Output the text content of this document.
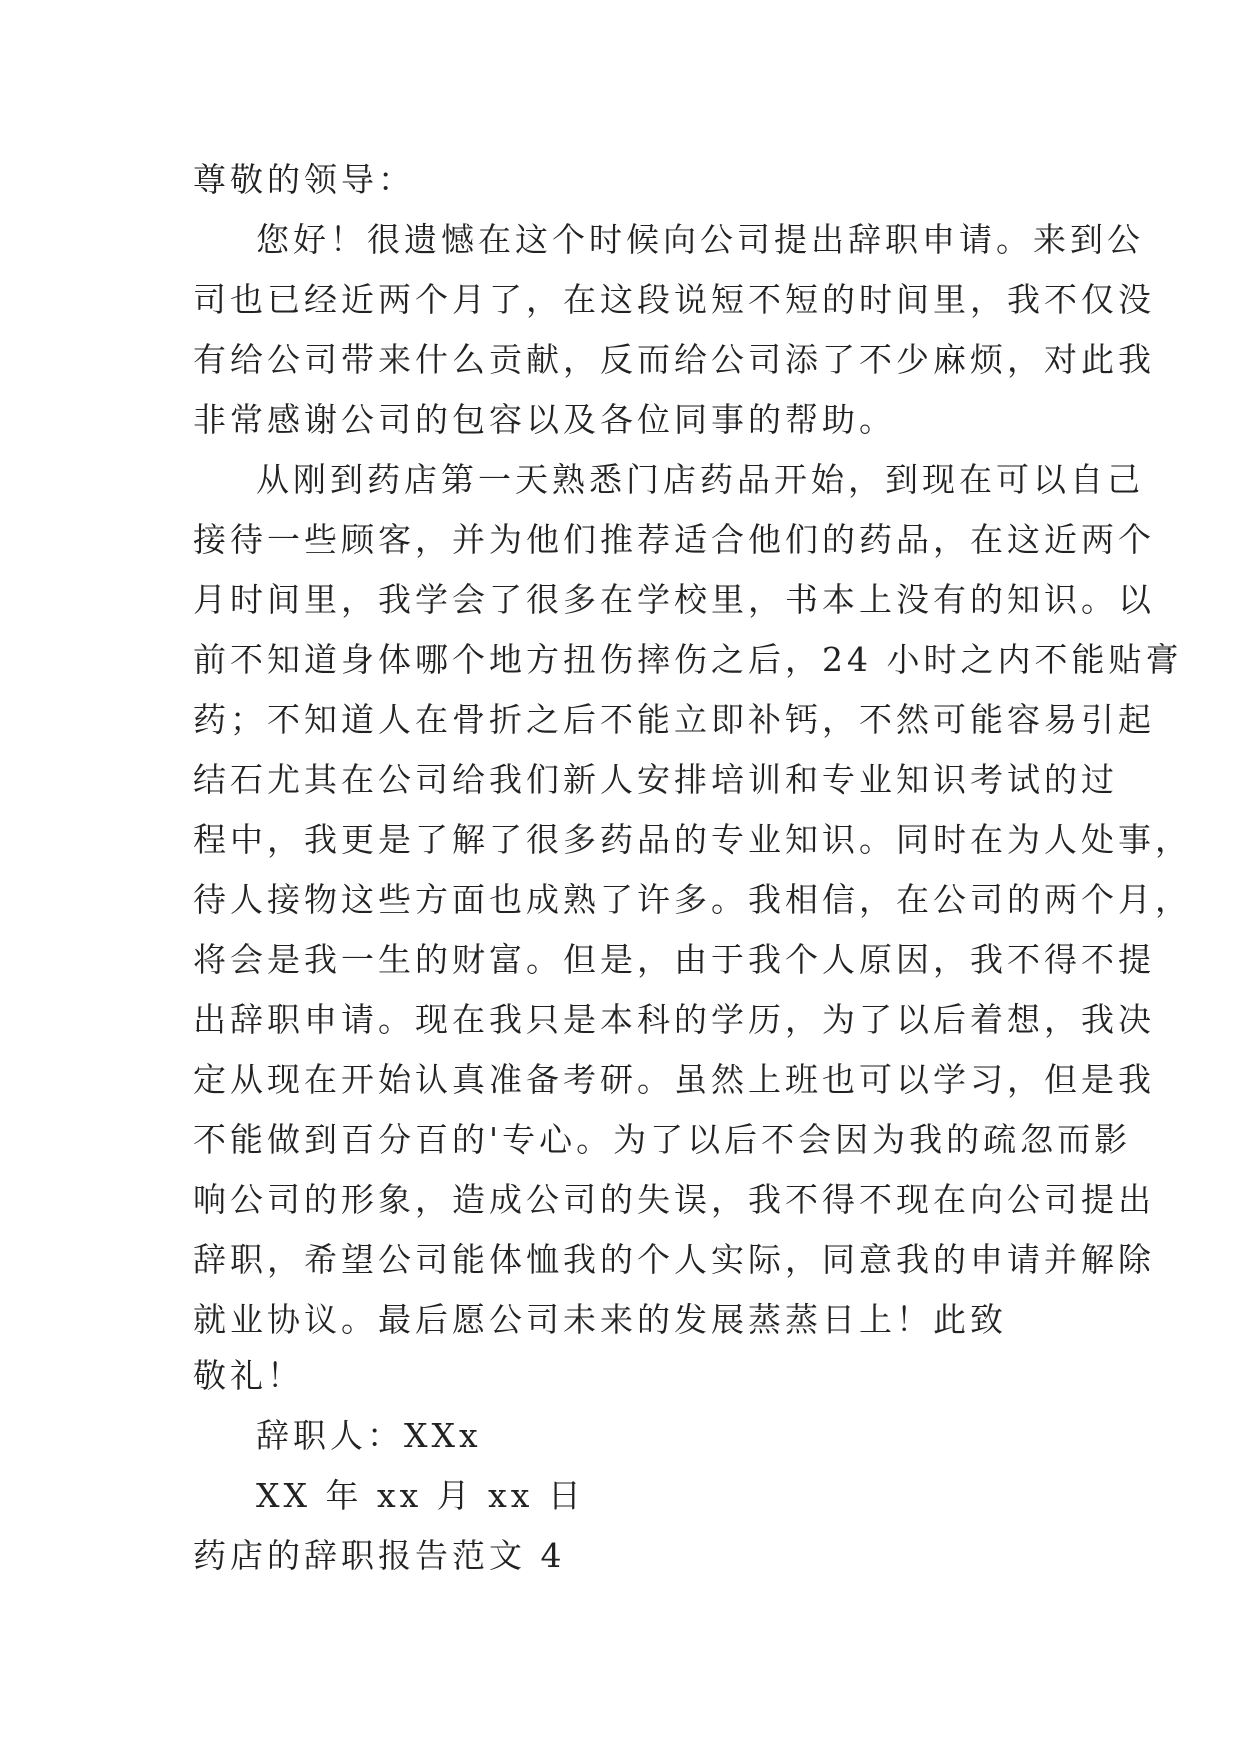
尊敬的领导：
您好！很遗憾在这个时候向公司提出辞职申请。来到公
司也已经近两个月了，在这段说短不短的时间里，我不仅没
有给公司带来什么贡献，反而给公司添了不少麻烦，对此我
非常感谢公司的包容以及各位同事的帮助。
从刚到药店第一天熟悉门店药品开始，到现在可以自己
接待一些顾客，并为他们推荐适合他们的药品，在这近两个
月时间里，我学会了很多在学校里，书本上没有的知识。以
前不知道身体哪个地方扭伤摔伤之后，24 小时之内不能贴膏
药；不知道人在骨折之后不能立即补钙，不然可能容易引起
结石尤其在公司给我们新人安排培训和专业知识考试的过
程中，我更是了解了很多药品的专业知识。同时在为人处事，
待人接物这些方面也成熟了许多。我相信，在公司的两个月，
将会是我一生的财富。但是，由于我个人原因，我不得不提
出辞职申请。现在我只是本科的学历，为了以后着想，我决
定从现在开始认真准备考研。虽然上班也可以学习，但是我
不能做到百分百的'专心。为了以后不会因为我的疏忽而影
响公司的形象，造成公司的失误，我不得不现在向公司提出
辞职，希望公司能体恤我的个人实际，同意我的申请并解除
就业协议。最后愿公司未来的发展蒸蒸日上！此致
敬礼！
辞职人：XXx
XX 年 xx 月 xx 日
药店的辞职报告范文 4
